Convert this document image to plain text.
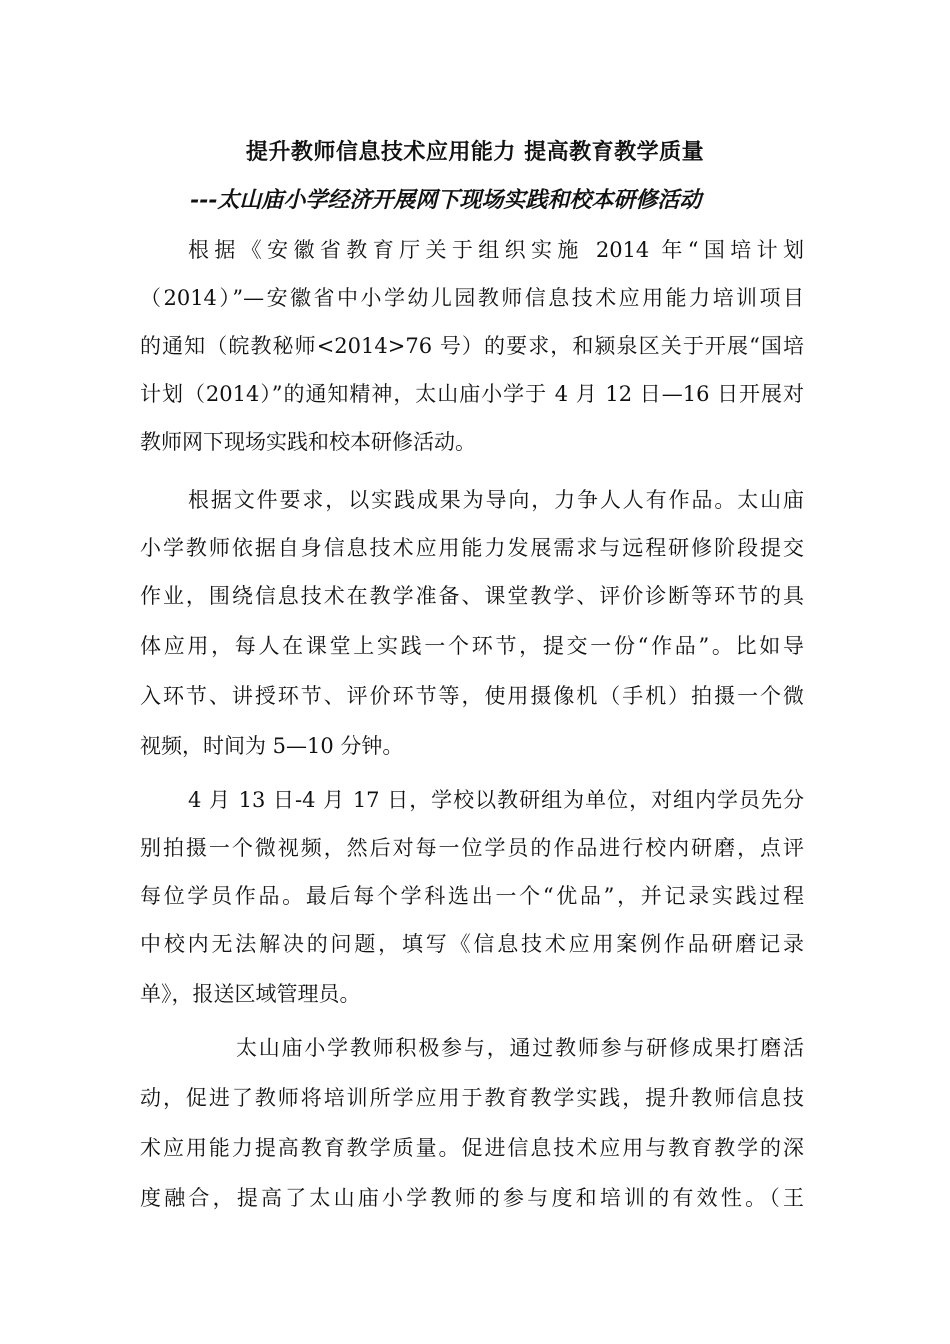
提升教师信息技术应用能力 提高教育教学质量
---太山庙小学经济开展网下现场实践和校本研修活动

根据《安徽省教育厅关于组织实施 2014 年“国培计划

（2014）”—安徽省中小学幼儿园教师信息技术应用能力培训项目

的通知（皖教秘师<2014>76 号）的要求，和颍泉区关于开展“国培

计划（2014）”的通知精神，太山庙小学于 4 月 12 日—16 日开展对

教师网下现场实践和校本研修活动。

根据文件要求，以实践成果为导向，力争人人有作品。太山庙

小学教师依据自身信息技术应用能力发展需求与远程研修阶段提交

作业，围绕信息技术在教学准备、课堂教学、评价诊断等环节的具

体应用，每人在课堂上实践一个环节，提交一份“作品”。比如导

入环节、讲授环节、评价环节等，使用摄像机（手机）拍摄一个微

视频，时间为 5—10 分钟。

4 月 13 日-4 月 17 日，学校以教研组为单位，对组内学员先分

别拍摄一个微视频，然后对每一位学员的作品进行校内研磨，点评

每位学员作品。最后每个学科选出一个“优品”，并记录实践过程

中校内无法解决的问题，填写《信息技术应用案例作品研磨记录

单》，报送区域管理员。

太山庙小学教师积极参与，通过教师参与研修成果打磨活

动，促进了教师将培训所学应用于教育教学实践，提升教师信息技

术应用能力提高教育教学质量。促进信息技术应用与教育教学的深

度融合，提高了太山庙小学教师的参与度和培训的有效性。（王
